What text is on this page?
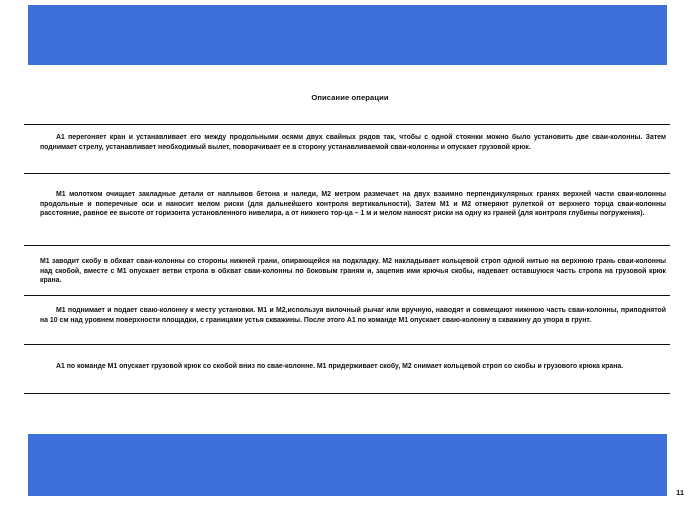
Описание операции

А1 перегоняет кран и устанавливает его между продольными осями двух свайных рядов так, чтобы с одной стоянки можно было установить две сваи-колонны. Затем поднимает стрелу, устанавливает необходимый вылет, поворачивает ее в сторону устанавливаемой сваи-колонны и опускает грузовой крюк.

М1 молотком очищает закладные детали от наплывов бетона и наледи, М2 метром размечает на двух взаимно перпендикулярных гранях верхней части сваи-колонны продольные и поперечные оси и наносит мелом риски (для дальнейшего контроля вертикальности). Затем М1 и М2 отмеряют рулеткой от верхнего торца сваи-колонны расстояние, равное ее высоте от горизонта установленного нивелира, а от нижнего тор-ца – 1 м и мелом наносят риски на одну из граней (для контроля глубины погружения).

М1 заводит скобу в обхват сваи-колонны со стороны нижней грани, опирающейся на подкладку. М2 накладывает кольцевой строп одной нитью на верхнюю грань сваи-колонны над скобой, вместе с М1 опускает ветви стропа в обхват сваи-колонны по боковым граням и, зацепив ими крючья скобы, надевает оставшуюся часть стропа на грузовой крюк крана.

М1 поднимает и подает сваю-колонну к месту установки. М1 и М2,используя вилочный рычаг или вручную, наводят и совмещают нижнюю часть сваи-колонны, приподнятой на 10 см над уровнем поверхности площадки, с границами устья скважины. После этого А1 по команде М1 опускает сваю-колонну в скважину до упора в грунт.

А1 по команде М1 опускает грузовой крюк со скобой вниз по сваe-колонне. М1 придерживает скобу, М2 снимает кольцевой строп со скобы и грузового крюка крана.

11
